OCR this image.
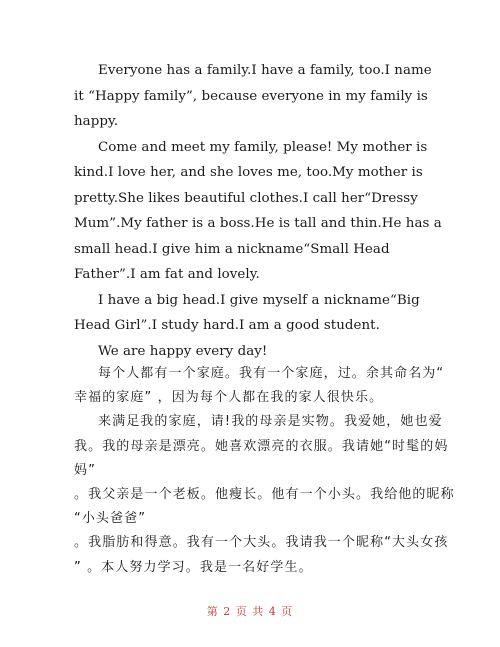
Everyone has a family.I have a family, too.I name

it “Happy family”, because everyone in my family is

happy.

Come and meet my family, please! My mother is

kind.I love her, and she loves me, too.My mother is

pretty.She likes beautiful clothes.I call her“Dressy

Mum”.My father is a boss.He is tall and thin.He has a

small head.I give him a nickname“Small Head

Father”.I am fat and lovely.

I have a big head.I give myself a nickname“Big

Head Girl”.I study hard.I am a good student.

We are happy every day!

每个人都有一个家庭。我有一个家庭，过。余其命名为“

幸福的家庭” ，因为每个人都在我的家人很快乐。

来满足我的家庭，请!我的母亲是实物。我爱她，她也爱

我。我的母亲是漂亮。她喜欢漂亮的衣服。我请她“时髦的妈

妈”

。我父亲是一个老板。他瘦长。他有一个小头。我给他的昵称

“小头爸爸”

。我脂肪和得意。我有一个大头。我请我一个昵称“大头女孩

” 。本人努力学习。我是一名好学生。

第 2 页 共 4 页
